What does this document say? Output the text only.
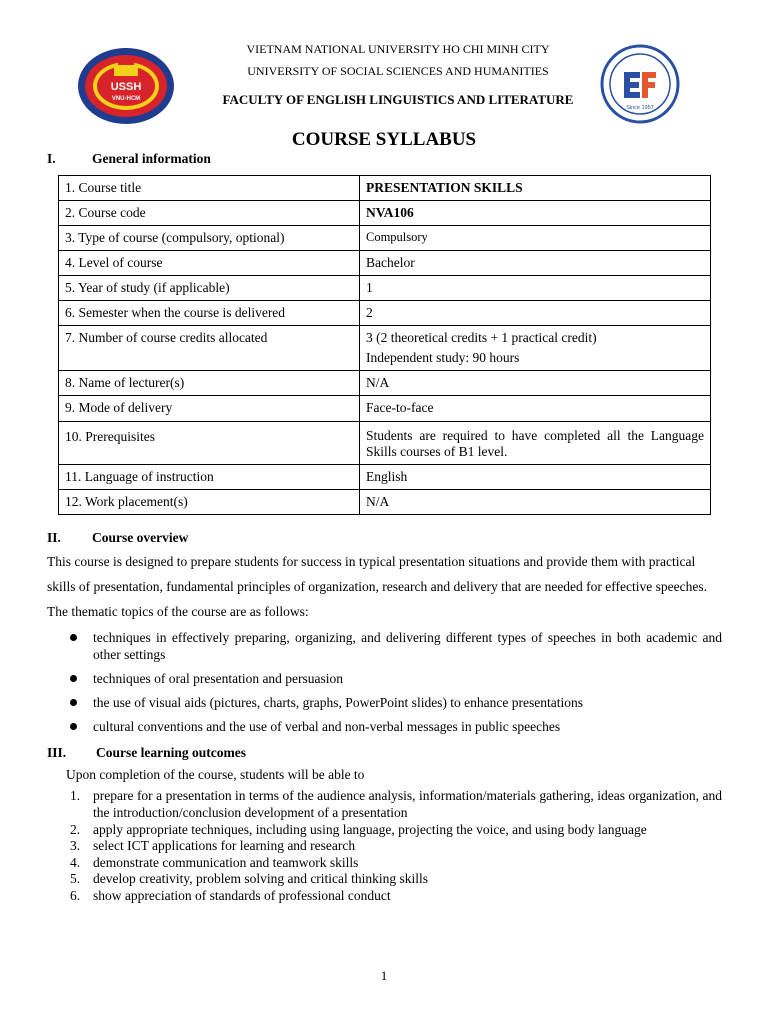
USSH
VNU-HCM
VIETNAM NATIONAL UNIVERSITY HO CHI MINH CITY
UNIVERSITY OF SOCIAL SCIENCES AND HUMANITIES
FACULTY OF ENGLISH LINGUISTICS AND LITERATURE
Since 1957
COURSE SYLLABUS
I.	General information
1. Course title	PRESENTATION SKILLS
2. Course code	NVA106
3. Type of course (compulsory, optional)	Compulsory
4. Level of course	Bachelor
5. Year of study (if applicable)	1
6. Semester when the course is delivered	2
7. Number of course credits allocated	3 (2 theoretical credits + 1 practical credit)
Independent study: 90 hours

8. Name of lecturer(s)	N/A
9. Mode of delivery	Face-to-face
10. Prerequisites	Students are required to have completed all the Language Skills courses of B1 level.
11. Language of instruction	English
12. Work placement(s)	N/A
II. Course overview
This course is designed to prepare students for success in typical presentation situations and provide them with practical skills of presentation, fundamental principles of organization, research and delivery that are needed for effective speeches. The thematic topics of the course are as follows:
techniques in effectively preparing, organizing, and delivering different types of speeches in both academic and other settings
techniques of oral presentation and persuasion
the use of visual aids (pictures, charts, graphs, PowerPoint slides) to enhance presentations
cultural conventions and the use of verbal and non-verbal messages in public speeches
III. Course learning outcomes
Upon completion of the course, students will be able to
1. prepare for a presentation in terms of the audience analysis, information/materials gathering, ideas organization, and the introduction/conclusion development of a presentation
2. apply appropriate techniques, including using language, projecting the voice, and using body language
3. select ICT applications for learning and research
4. demonstrate communication and teamwork skills
5. develop creativity, problem solving and critical thinking skills
6. show appreciation of standards of professional conduct
1
